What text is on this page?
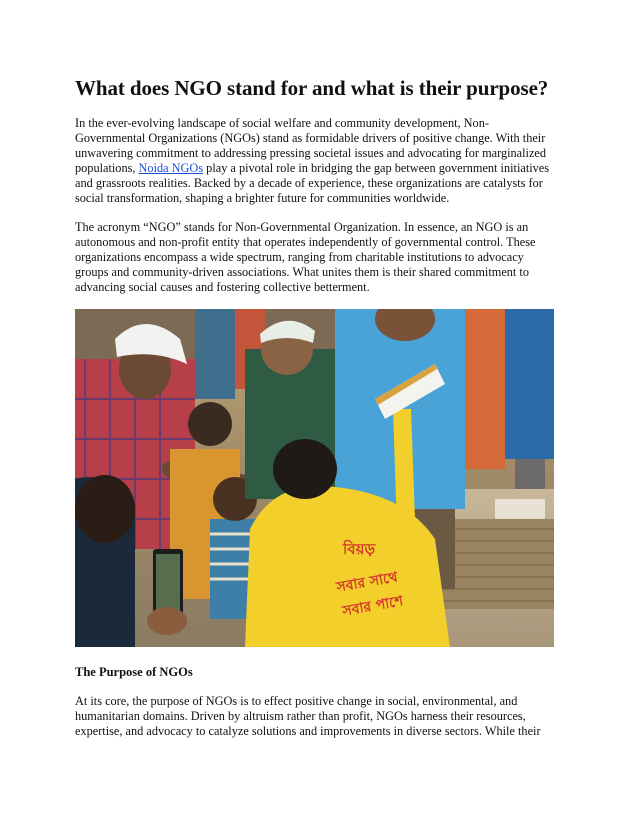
What does NGO stand for and what is their purpose?

In the ever-evolving landscape of social welfare and community development, Non-Governmental Organizations (NGOs) stand as formidable drivers of positive change. With their unwavering commitment to addressing pressing societal issues and advocating for marginalized populations, Noida NGOs play a pivotal role in bridging the gap between government initiatives and grassroots realities. Backed by a decade of experience, these organizations are catalysts for social transformation, shaping a brighter future for communities worldwide.

The acronym “NGO” stands for Non-Governmental Organization. In essence, an NGO is an autonomous and non-profit entity that operates independently of governmental control. These organizations encompass a wide spectrum, ranging from charitable institutions to advocacy groups and community-driven associations. What unites them is their shared commitment to advancing social causes and fostering collective betterment.

বিয়ড়
সবার সাথে
সবার পাশে
The Purpose of NGOs

At its core, the purpose of NGOs is to effect positive change in social, environmental, and humanitarian domains. Driven by altruism rather than profit, NGOs harness their resources, expertise, and advocacy to catalyze solutions and improvements in diverse sectors. While their
